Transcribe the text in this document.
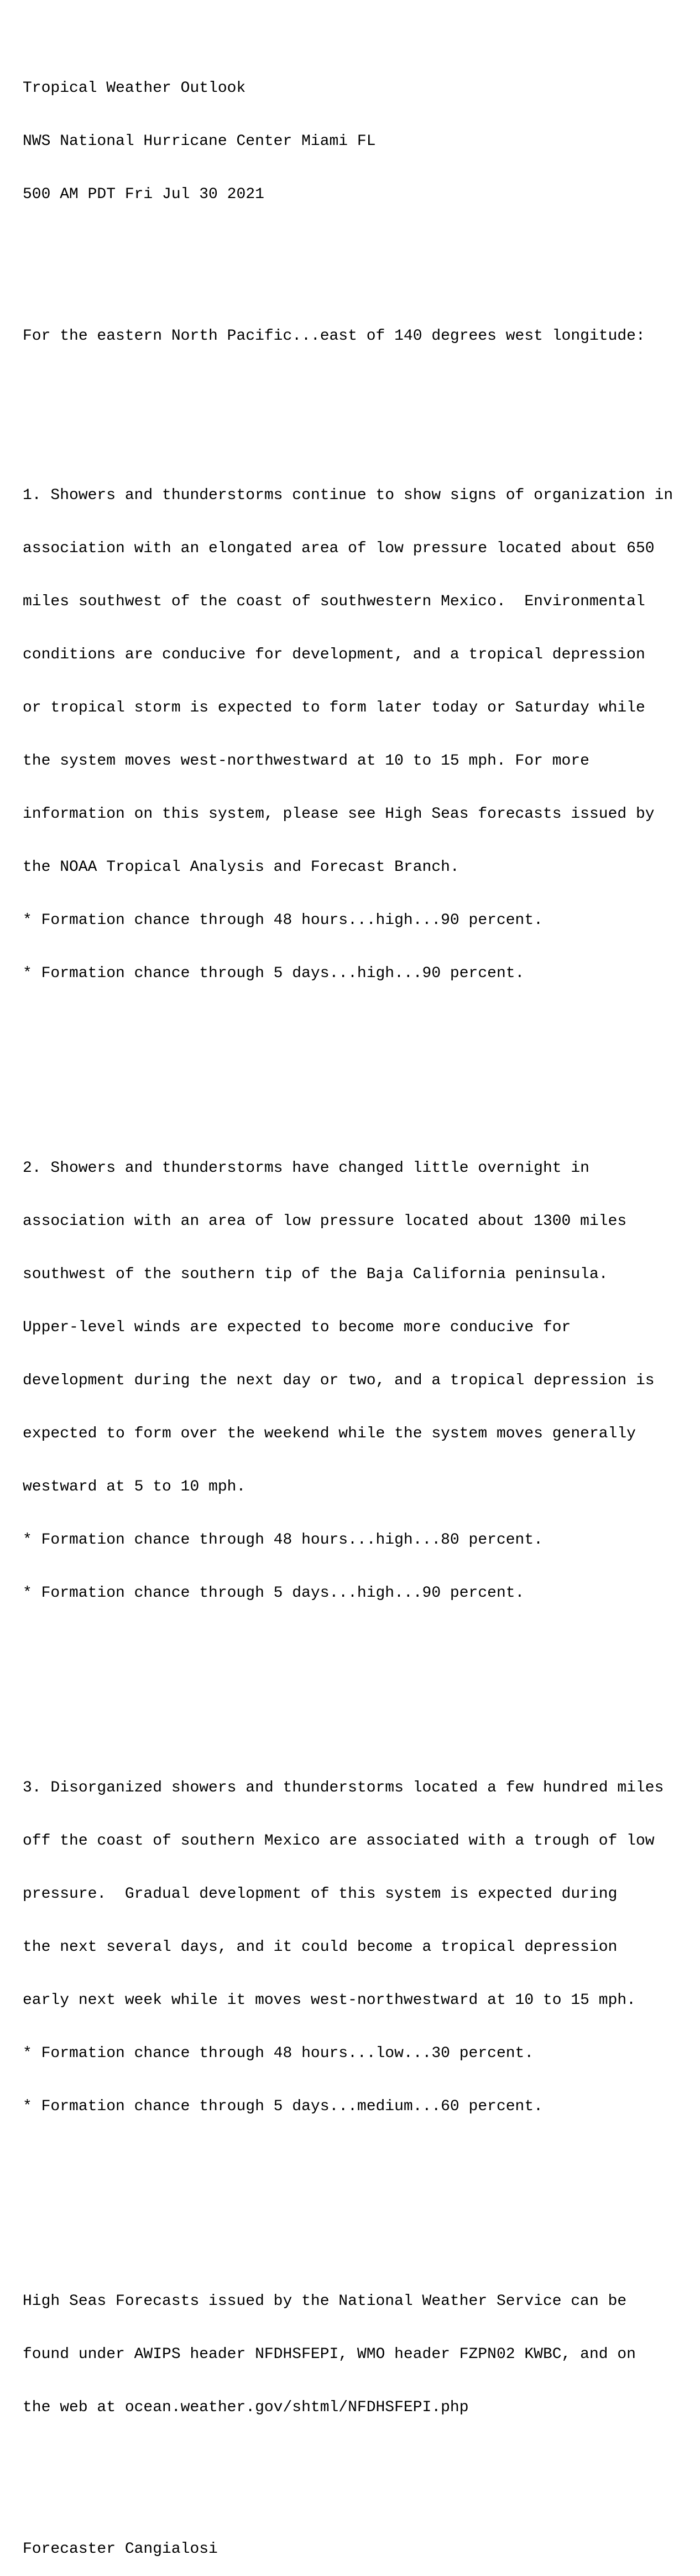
Tropical Weather Outlook

NWS National Hurricane Center Miami FL

500 AM PDT Fri Jul 30 2021

For the eastern North Pacific...east of 140 degrees west longitude:

1. Showers and thunderstorms continue to show signs of organization in

association with an elongated area of low pressure located about 650

miles southwest of the coast of southwestern Mexico.  Environmental

conditions are conducive for development, and a tropical depression

or tropical storm is expected to form later today or Saturday while

the system moves west-northwestward at 10 to 15 mph. For more

information on this system, please see High Seas forecasts issued by

the NOAA Tropical Analysis and Forecast Branch.

* Formation chance through 48 hours...high...90 percent.

* Formation chance through 5 days...high...90 percent.

2. Showers and thunderstorms have changed little overnight in

association with an area of low pressure located about 1300 miles

southwest of the southern tip of the Baja California peninsula.

Upper-level winds are expected to become more conducive for

development during the next day or two, and a tropical depression is

expected to form over the weekend while the system moves generally

westward at 5 to 10 mph.

* Formation chance through 48 hours...high...80 percent.

* Formation chance through 5 days...high...90 percent.

3. Disorganized showers and thunderstorms located a few hundred miles

off the coast of southern Mexico are associated with a trough of low

pressure.  Gradual development of this system is expected during

the next several days, and it could become a tropical depression

early next week while it moves west-northwestward at 10 to 15 mph.

* Formation chance through 48 hours...low...30 percent.

* Formation chance through 5 days...medium...60 percent.

High Seas Forecasts issued by the National Weather Service can be

found under AWIPS header NFDHSFEPI, WMO header FZPN02 KWBC, and on

the web at ocean.weather.gov/shtml/NFDHSFEPI.php

Forecaster Cangialosi
